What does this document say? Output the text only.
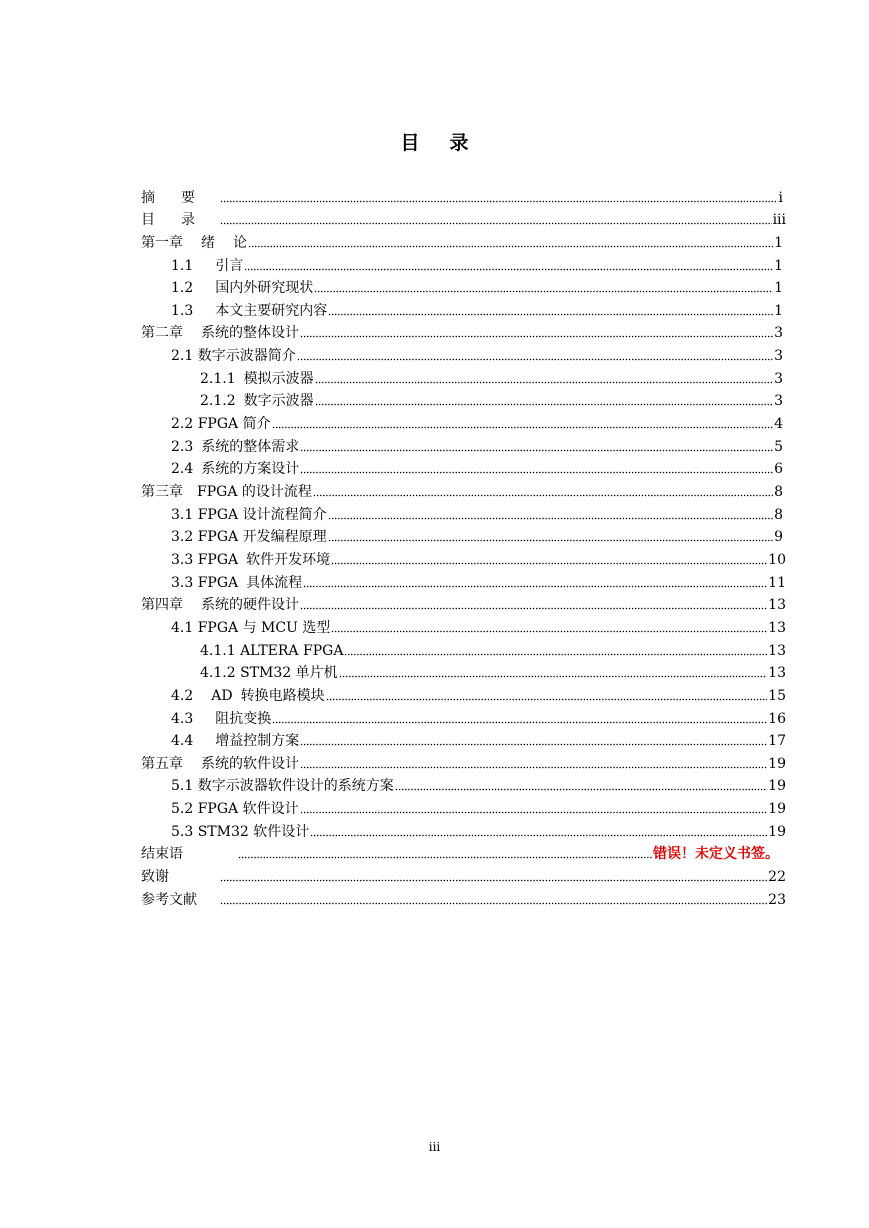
目 录
摘 要	i
目 录	iii
第一章 绪 论	1
1.1 引言	1
1.2 国内外研究现状	1
1.3 本文主要研究内容	1
第二章 系统的整体设计	3
2.1 数字示波器简介	3
2.1.1 模拟示波器	3
2.1.2 数字示波器	3
2.2 FPGA 简介	4
2.3 系统的整体需求	5
2.4 系统的方案设计	6
第三章 FPGA 的设计流程	8
3.1 FPGA 设计流程简介	8
3.2 FPGA 开发编程原理	9
3.3 FPGA 软件开发环境	10
3.3 FPGA 具体流程	11
第四章 系统的硬件设计	13
4.1 FPGA 与 MCU 选型	13
4.1.1 ALTERA FPGA	13
4.1.2 STM32 单片机	13
4.2 AD 转换电路模块	15
4.3 阻抗变换	16
4.4 增益控制方案	17
第五章 系统的软件设计	19
5.1 数字示波器软件设计的系统方案	19
5.2 FPGA 软件设计	19
5.3 STM32 软件设计	19
结束语	错误！未定义书签。
致谢	22
参考文献	23
iii
